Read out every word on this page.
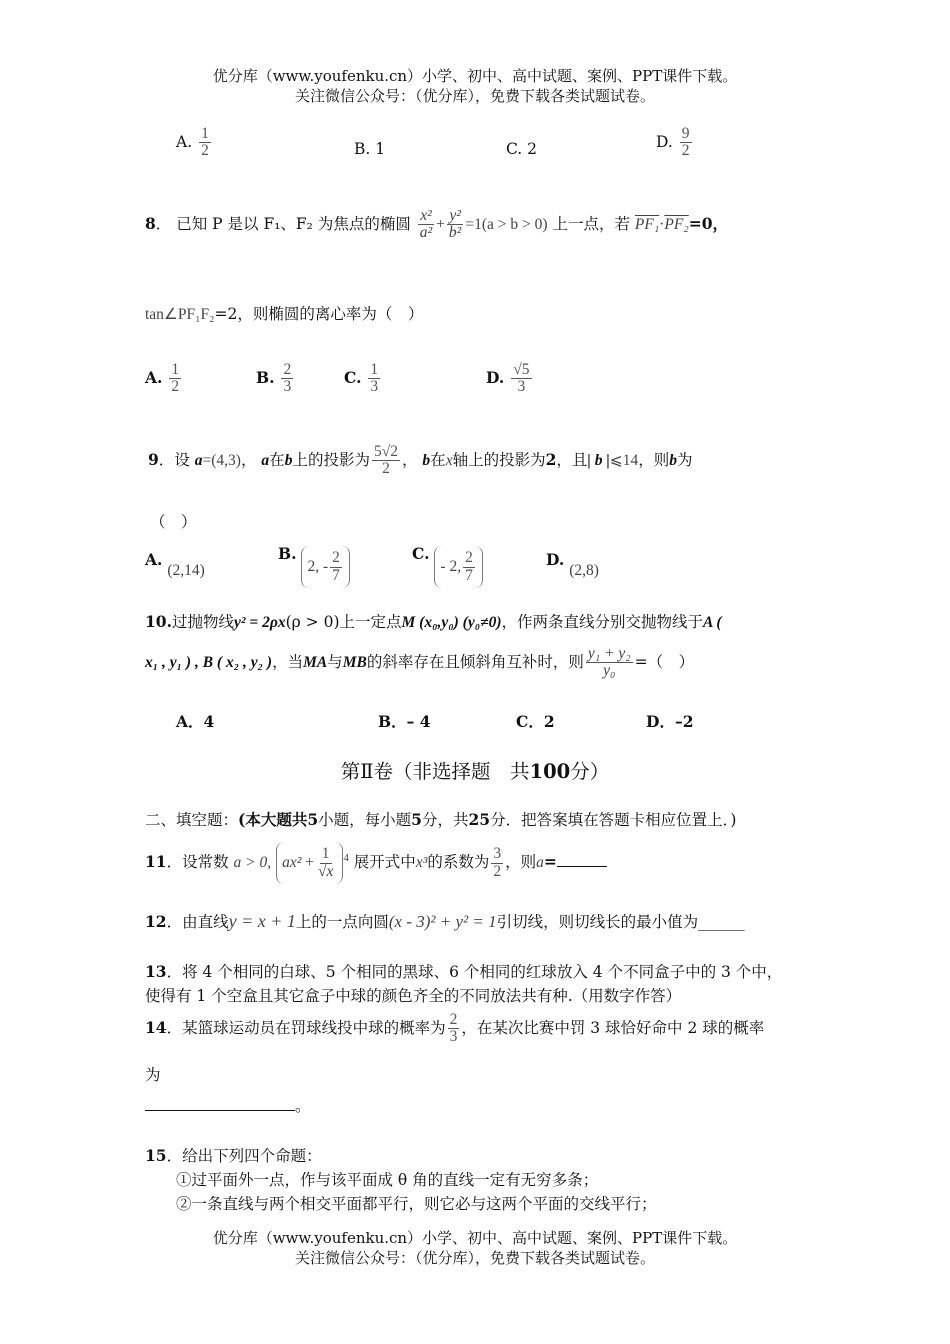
优分库（www.youfenku.cn）小学、初中、高中试题、案例、PPT课件下载。
关注微信公众号：（优分库），免费下载各类试题试卷。
A. $\frac{1}{2}$	B. 1	C. 2	D. $\frac{9}{2}$
8． 已知 P 是以 F₁、F₂ 为焦点的椭圆 $\frac{\text{x²}}{\text{a²}} + \frac{\text{y²}}{\text{b²}} =1(a > b > 0)$ 上一点，若 PF₁·PF₂=0，
tan∠PF₁F₂=2，则椭圆的离心率为（　）
A. $\frac{1}{2}$	B. $\frac{2}{3}$	C. $\frac{1}{3}$	D. $\frac{√5}{3}$
9．设 a=(4,3)， a在b上的投影为 $\frac{5√2}{2}$ ， b在x轴上的投影为2，且| b |⩽14，则b为
（　）
A. (2,14)
B.
2, - $\frac{2}{7}$	C.
- 2, $\frac{2}{7}$	D. (2,8)
10.过抛物线y² = 2ρx(ρ > 0)上一定点M (x₀,y₀) (y₀≠0)，作两条直线分别交抛物线于A (
x₁ , y₁ ) , B ( x₂ , y₂ )，当MA与MB的斜率存在且倾斜角互补时，则 $\frac{\text{y₁ + y₂}}{\text{y₀}}$ =（　）
A．4	B．– 4	C．2	D．–2
第Ⅱ卷（非选择题　共100分）
二、填空题：(本大题共5小题，每小题5分，共25分．把答案填在答题卡相应位置上．)
11．设常数 a > 0, ax²
+ $\frac{1}{√x} ^4$ 展开式中x³的系数为 $\frac{3}{2}$ ，则a=
12．由直线y = x + 1上的一点向圆(x - 3)² + y² = 1引切线，则切线长的最小值为______
13．将 4 个相同的白球、5 个相同的黑球、6 个相同的红球放入 4 个不同盒子中的 3 个中，
使得有 1 个空盒且其它盒子中球的颜色齐全的不同放法共有种.（用数字作答）
14．某篮球运动员在罚球线投中球的概率为 $\frac{2}{3}$ ，在某次比赛中罚 3 球恰好命中 2 球的概率
为
。
15．给出下列四个命题：
①过平面外一点，作与该平面成 θ 角的直线一定有无穷多条；
②一条直线与两个相交平面都平行，则它必与这两个平面的交线平行；
优分库（www.youfenku.cn）小学、初中、高中试题、案例、PPT课件下载。
关注微信公众号：（优分库），免费下载各类试题试卷。
